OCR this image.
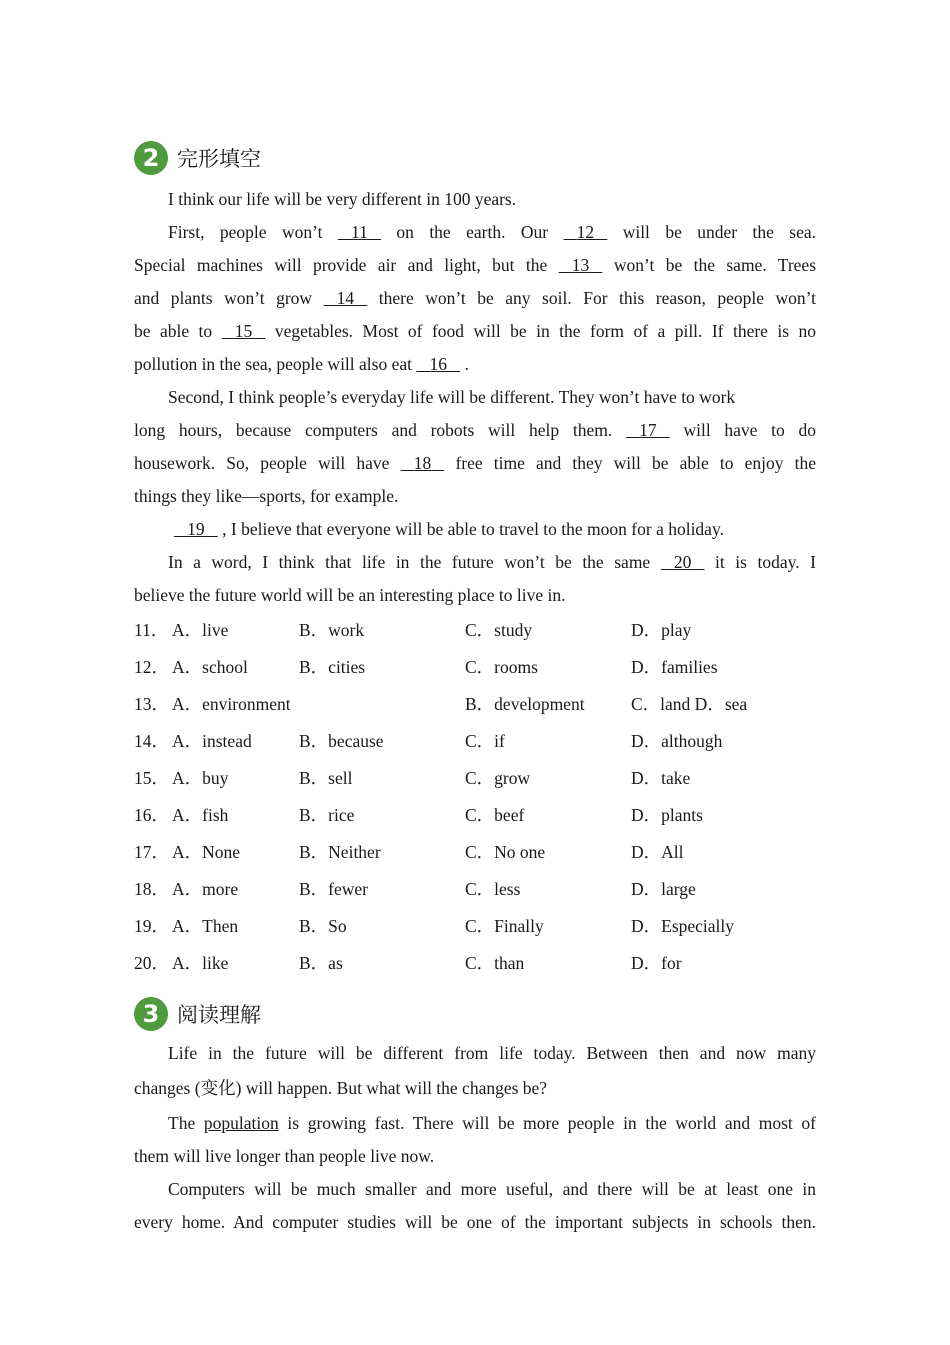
2 完形填空
I think our life will be very different in 100 years.
First, people won’t 11 on the earth. Our 12 will be under the sea.
Special machines will provide air and light, but the 13 won’t be the same. Trees
and plants won’t grow 14 there won’t be any soil. For this reason, people won’t
be able to 15 vegetables. Most of food will be in the form of a pill. If there is no
pollution in the sea, people will also eat 16 .
Second, I think people’s everyday life will be different. They won’t have to work
long hours, because computers and robots will help them. 17 will have to do
housework. So, people will have 18 free time and they will be able to enjoy the
things they like—sports, for example.
19 , I believe that everyone will be able to travel to the moon for a holiday.
In a word, I think that life in the future won’t be the same 20 it is today. I
believe the future world will be an interesting place to live in.
11． A．live	B．work	C．study	D．play
12． A．school	B．cities	C．rooms	D．families
13． A．environment	B．development	C．land D．sea
14． A．instead	B．because	C．if	D．although
15． A．buy	B．sell	C．grow	D．take
16． A．fish	B．rice	C．beef	D．plants
17． A．None	B．Neither	C．No one	D．All
18． A．more	B．fewer	C．less	D．large
19． A．Then	B．So	C．Finally	D．Especially
20． A．like	B．as	C．than	D．for
3 阅读理解
Life in the future will be different from life today. Between then and now many
changes (变化) will happen. But what will the changes be?
The population is growing fast. There will be more people in the world and most of
them will live longer than people live now.
Computers will be much smaller and more useful, and there will be at least one in
every home. And computer studies will be one of the important subjects in schools then.
